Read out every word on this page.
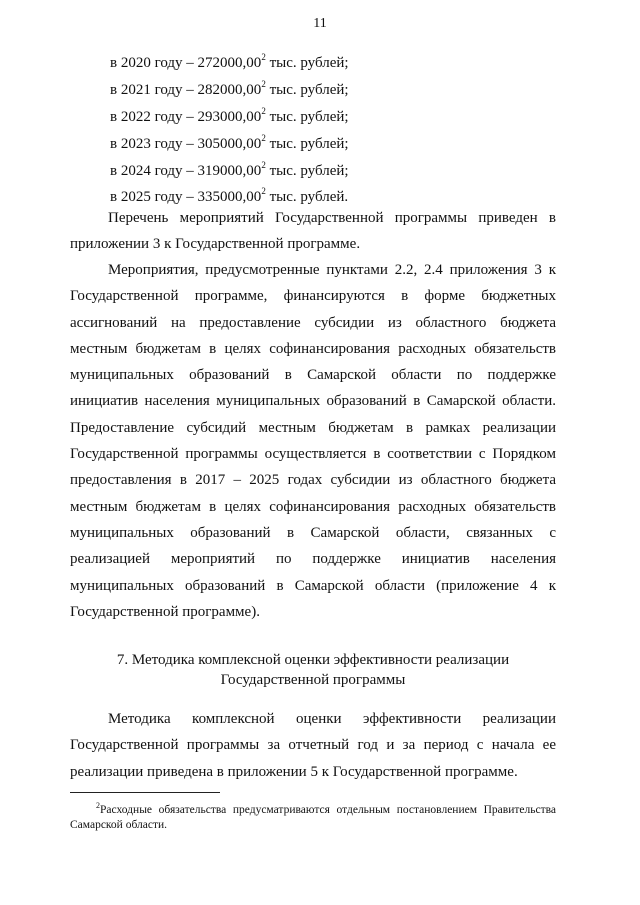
11
в 2020 году – 272000,00$^2$ тыс. рублей;
в 2021 году – 282000,00$^2$ тыс. рублей;
в 2022 году – 293000,00$^2$ тыс. рублей;
в 2023 году – 305000,00$^2$ тыс. рублей;
в 2024 году – 319000,00$^2$ тыс. рублей;
в 2025 году – 335000,00$^2$ тыс. рублей.

Перечень мероприятий Государственной программы приведен в приложении 3 к Государственной программе.

Мероприятия, предусмотренные пунктами 2.2, 2.4 приложения 3 к Государственной программе, финансируются в форме бюджетных ассигнований на предоставление субсидии из областного бюджета местным бюджетам в целях софинансирования расходных обязательств муниципальных образований в Самарской области по поддержке инициатив населения муниципальных образований в Самарской области. Предоставление субсидий местным бюджетам в рамках реализации Государственной программы осуществляется в соответствии с Порядком предоставления в 2017 – 2025 годах субсидии из областного бюджета местным бюджетам в целях софинансирования расходных обязательств муниципальных образований в Самарской области, связанных с реализацией мероприятий по поддержке инициатив населения муниципальных образований в Самарской области (приложение 4 к Государственной программе).

7. Методика комплексной оценки эффективности реализации
Государственной программы

Методика комплексной оценки эффективности реализации Государственной программы за отчетный год и за период с начала ее реализации приведена в приложении 5 к Государственной программе.

$^2$Расходные обязательства предусматриваются отдельным постановлением Правительства Самарской области.
